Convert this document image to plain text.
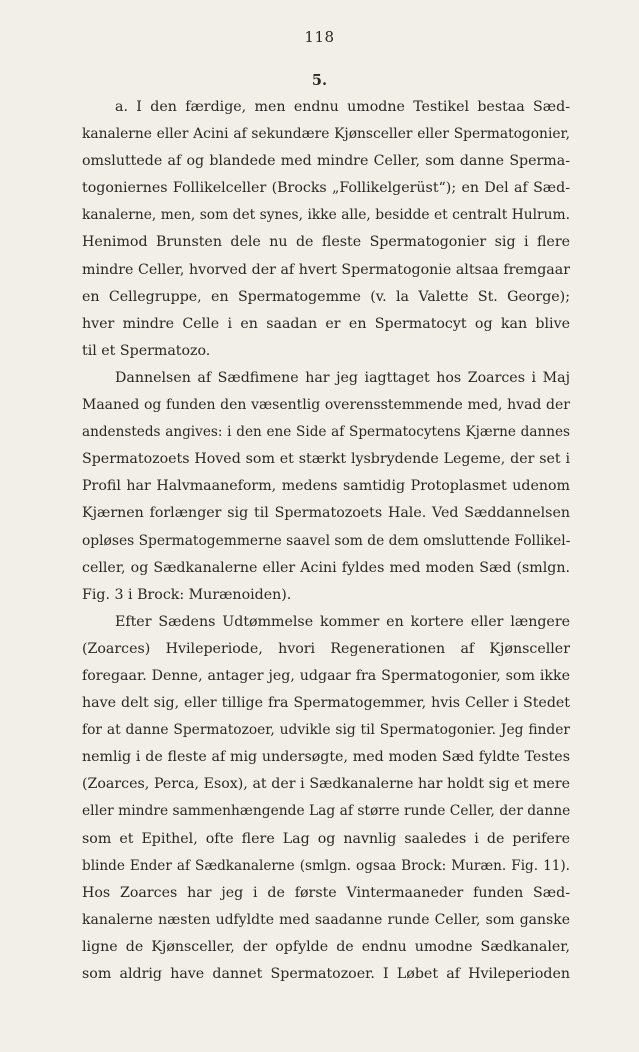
118
5.
a. I den færdige, men endnu umodne Testikel bestaa Sæd-
kanalerne eller Acini af sekundære Kjønsceller eller Spermatogonier,
omsluttede af og blandede med mindre Celler, som danne Sperma-
togoniernes Follikelceller (Brocks „Follikelgerüst“); en Del af Sæd-
kanalerne, men, som det synes, ikke alle, besidde et centralt Hulrum.
Henimod Brunsten dele nu de fleste Spermatogonier sig i flere
mindre Celler, hvorved der af hvert Spermatogonie altsaa fremgaar
en Cellegruppe, en Spermatogemme (v. la Valette St. George);
hver mindre Celle i en saadan er en Spermatocyt og kan blive
til et Spermatozo.
Dannelsen af Sædfimene har jeg iagttaget hos Zoarces i Maj
Maaned og funden den væsentlig overensstemmende med, hvad der
andensteds angives: i den ene Side af Spermatocytens Kjærne dannes
Spermatozoets Hoved som et stærkt lysbrydende Legeme, der set i
Profil har Halvmaaneform, medens samtidig Protoplasmet udenom
Kjærnen forlænger sig til Spermatozoets Hale. Ved Sæddannelsen
opløses Spermatogemmerne saavel som de dem omsluttende Follikel-
celler, og Sædkanalerne eller Acini fyldes med moden Sæd (smlgn.
Fig. 3 i Brock: Murænoiden).
Efter Sædens Udtømmelse kommer en kortere eller længere
(Zoarces) Hvileperiode, hvori Regenerationen af Kjønsceller
foregaar. Denne, antager jeg, udgaar fra Spermatogonier, som ikke
have delt sig, eller tillige fra Spermatogemmer, hvis Celler i Stedet
for at danne Spermatozoer, udvikle sig til Spermatogonier. Jeg finder
nemlig i de fleste af mig undersøgte, med moden Sæd fyldte Testes
(Zoarces, Perca, Esox), at der i Sædkanalerne har holdt sig et mere
eller mindre sammenhængende Lag af større runde Celler, der danne
som et Epithel, ofte flere Lag og navnlig saaledes i de perifere
blinde Ender af Sædkanalerne (smlgn. ogsaa Brock: Muræn. Fig. 11).
Hos Zoarces har jeg i de første Vintermaaneder funden Sæd-
kanalerne næsten udfyldte med saadanne runde Celler, som ganske
ligne de Kjønsceller, der opfylde de endnu umodne Sædkanaler,
som aldrig have dannet Spermatozoer. I Løbet af Hvileperioden
